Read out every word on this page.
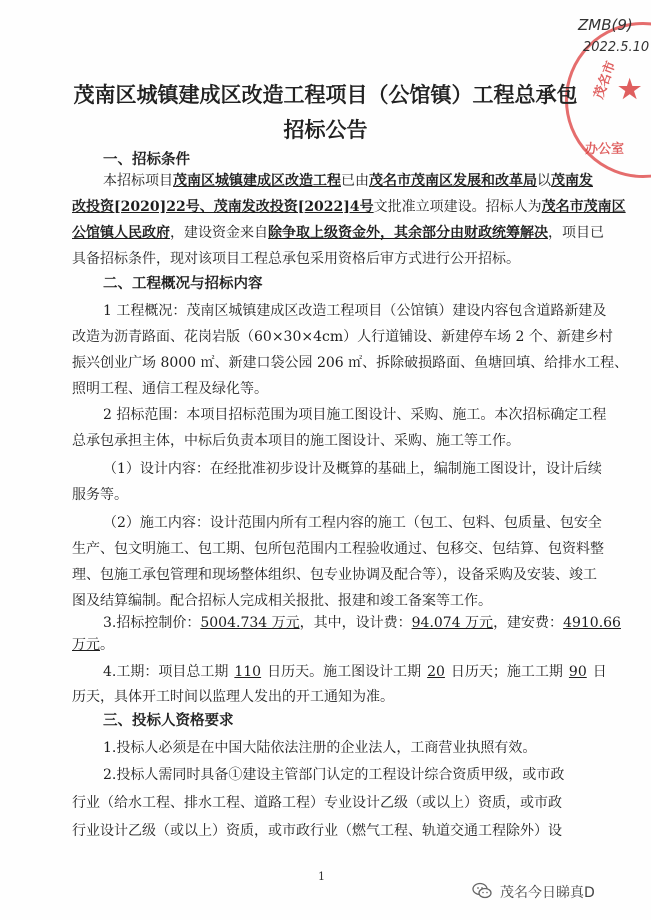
茂名市
办公室
★
ZMB(9)
2022.5.10
茂南区城镇建成区改造工程项目（公馆镇）工程总承包
招标公告
一、招标条件
本招标项目茂南区城镇建成区改造工程已由茂名市茂南区发展和改革局以茂南发
改投资[2020]22号、茂南发改投资[2022]4号文批准立项建设。招标人为茂名市茂南区
公馆镇人民政府，建设资金来自除争取上级资金外，其余部分由财政统筹解决，项目已
具备招标条件，现对该项目工程总承包采用资格后审方式进行公开招标。
二、工程概况与招标内容
1 工程概况：茂南区城镇建成区改造工程项目（公馆镇）建设内容包含道路新建及
改造为沥青路面、花岗岩版（60×30×4cm）人行道铺设、新建停车场 2 个、新建乡村
振兴创业广场 8000 ㎡、新建口袋公园 206 ㎡、拆除破损路面、鱼塘回填、给排水工程、
照明工程、通信工程及绿化等。
2 招标范围：本项目招标范围为项目施工图设计、采购、施工。本次招标确定工程
总承包承担主体，中标后负责本项目的施工图设计、采购、施工等工作。
（1）设计内容：在经批准初步设计及概算的基础上，编制施工图设计，设计后续
服务等。
（2）施工内容：设计范围内所有工程内容的施工（包工、包料、包质量、包安全
生产、包文明施工、包工期、包所包范围内工程验收通过、包移交、包结算、包资料整
理、包施工承包管理和现场整体组织、包专业协调及配合等），设备采购及安装、竣工
图及结算编制。配合招标人完成相关报批、报建和竣工备案等工作。
3.招标控制价：5004.734 万元，其中，设计费：94.074 万元，建安费：4910.66
万元。
4.工期：项目总工期 110 日历天。施工图设计工期 20 日历天；施工工期 90 日
历天，具体开工时间以监理人发出的开工通知为准。
三、投标人资格要求
1.投标人必须是在中国大陆依法注册的企业法人，工商营业执照有效。
2.投标人需同时具备①建设主管部门认定的工程设计综合资质甲级，或市政
行业（给水工程、排水工程、道路工程）专业设计乙级（或以上）资质，或市政
行业设计乙级（或以上）资质，或市政行业（燃气工程、轨道交通工程除外）设
1
茂名今日睇真D
